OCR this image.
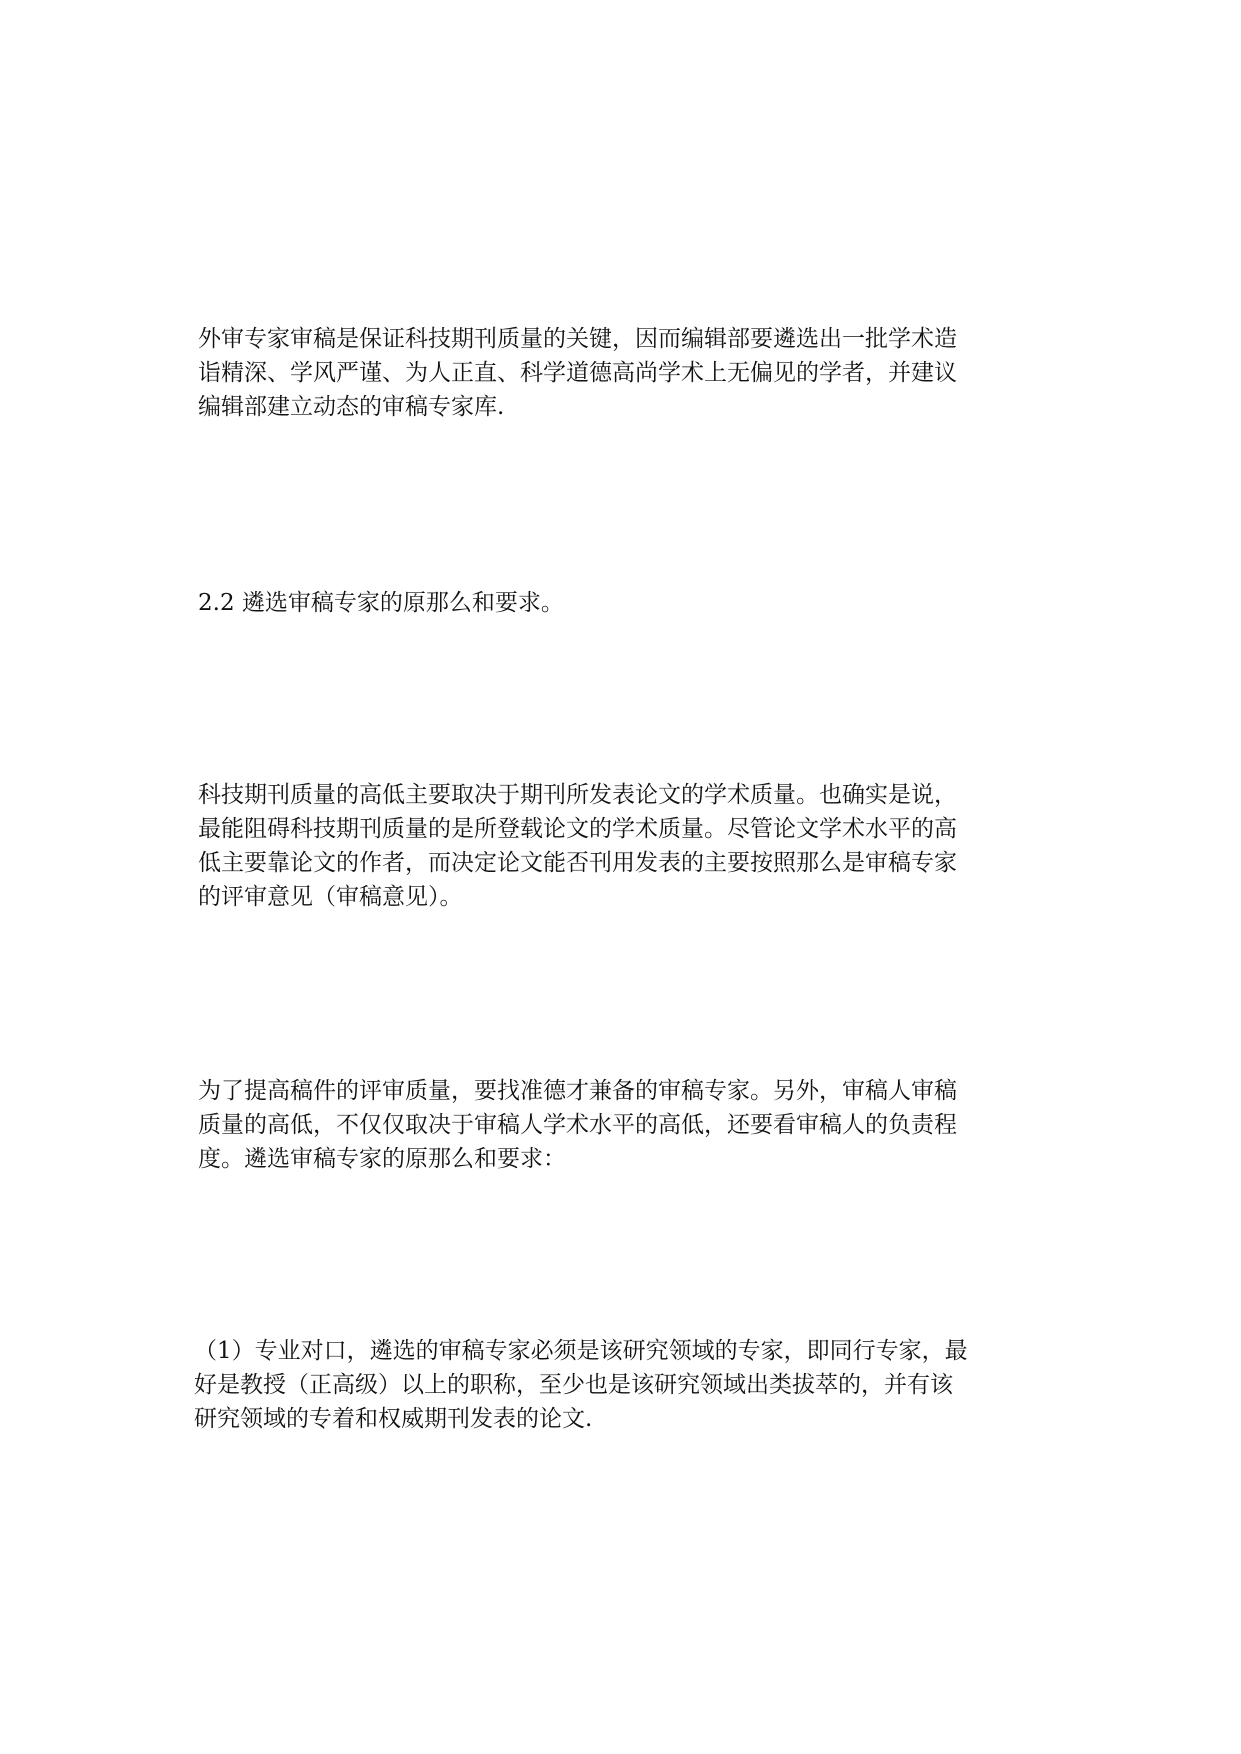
外审专家审稿是保证科技期刊质量的关键，因而编辑部要遴选出一批学术造
诣精深、学风严谨、为人正直、科学道德高尚学术上无偏见的学者，并建议
编辑部建立动态的审稿专家库.

2.2 遴选审稿专家的原那么和要求。

科技期刊质量的高低主要取决于期刊所发表论文的学术质量。也确实是说，
最能阻碍科技期刊质量的是所登载论文的学术质量。尽管论文学术水平的高
低主要靠论文的作者，而决定论文能否刊用发表的主要按照那么是审稿专家
的评审意见（审稿意见）。

为了提高稿件的评审质量，要找准德才兼备的审稿专家。另外，审稿人审稿
质量的高低，不仅仅取决于审稿人学术水平的高低，还要看审稿人的负责程
度。遴选审稿专家的原那么和要求：

（1）专业对口，遴选的审稿专家必须是该研究领域的专家，即同行专家，最
好是教授（正高级）以上的职称，至少也是该研究领域出类拔萃的，并有该
研究领域的专着和权威期刊发表的论文.
